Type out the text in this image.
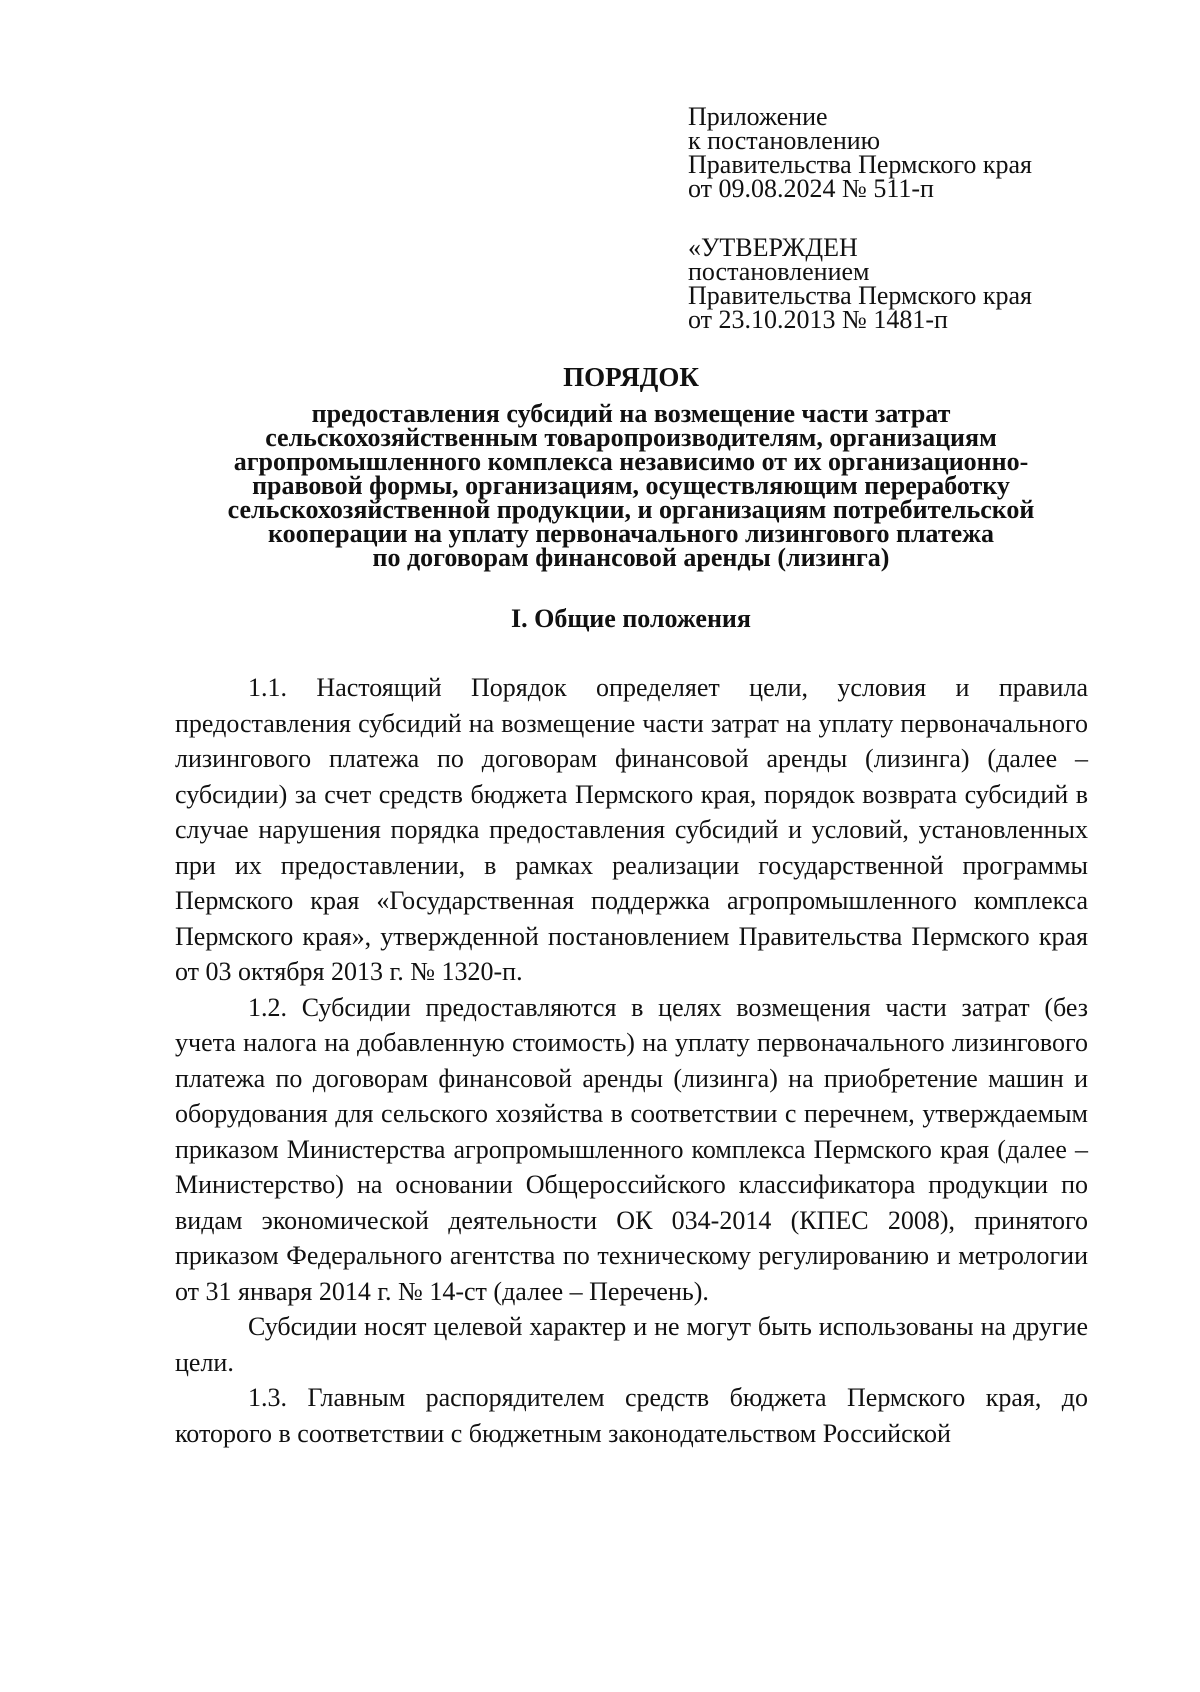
Приложение
к постановлению
Правительства Пермского края
от 09.08.2024 № 511-п
«УТВЕРЖДЕН
постановлением
Правительства Пермского края
от 23.10.2013 № 1481-п
ПОРЯДОК
предоставления субсидий на возмещение части затрат
сельскохозяйственным товаропроизводителям, организациям
агропромышленного комплекса независимо от их организационно-
правовой формы, организациям, осуществляющим переработку
сельскохозяйственной продукции, и организациям потребительской
кооперации на уплату первоначального лизингового платежа
по договорам финансовой аренды (лизинга)
I. Общие положения

1.1. Настоящий Порядок определяет цели, условия и правила предоставления субсидий на возмещение части затрат на уплату первоначального лизингового платежа по договорам финансовой аренды (лизинга) (далее – субсидии) за счет средств бюджета Пермского края, порядок возврата субсидий в случае нарушения порядка предоставления субсидий и условий, установленных при их предоставлении, в рамках реализации государственной программы Пермского края «Государственная поддержка агропромышленного комплекса Пермского края», утвержденной постановлением Правительства Пермского края от 03 октября 2013 г. № 1320-п.

1.2. Субсидии предоставляются в целях возмещения части затрат (без учета налога на добавленную стоимость) на уплату первоначального лизингового платежа по договорам финансовой аренды (лизинга) на приобретение машин и оборудования для сельского хозяйства в соответствии с перечнем, утверждаемым приказом Министерства агропромышленного комплекса Пермского края (далее – Министерство) на основании Общероссийского классификатора продукции по видам экономической деятельности ОК 034-2014 (КПЕС 2008), принятого приказом Федерального агентства по техническому регулированию и метрологии от 31 января 2014 г. № 14-ст (далее – Перечень).

Субсидии носят целевой характер и не могут быть использованы на другие цели.

1.3. Главным распорядителем средств бюджета Пермского края, до которого в соответствии с бюджетным законодательством Российской
